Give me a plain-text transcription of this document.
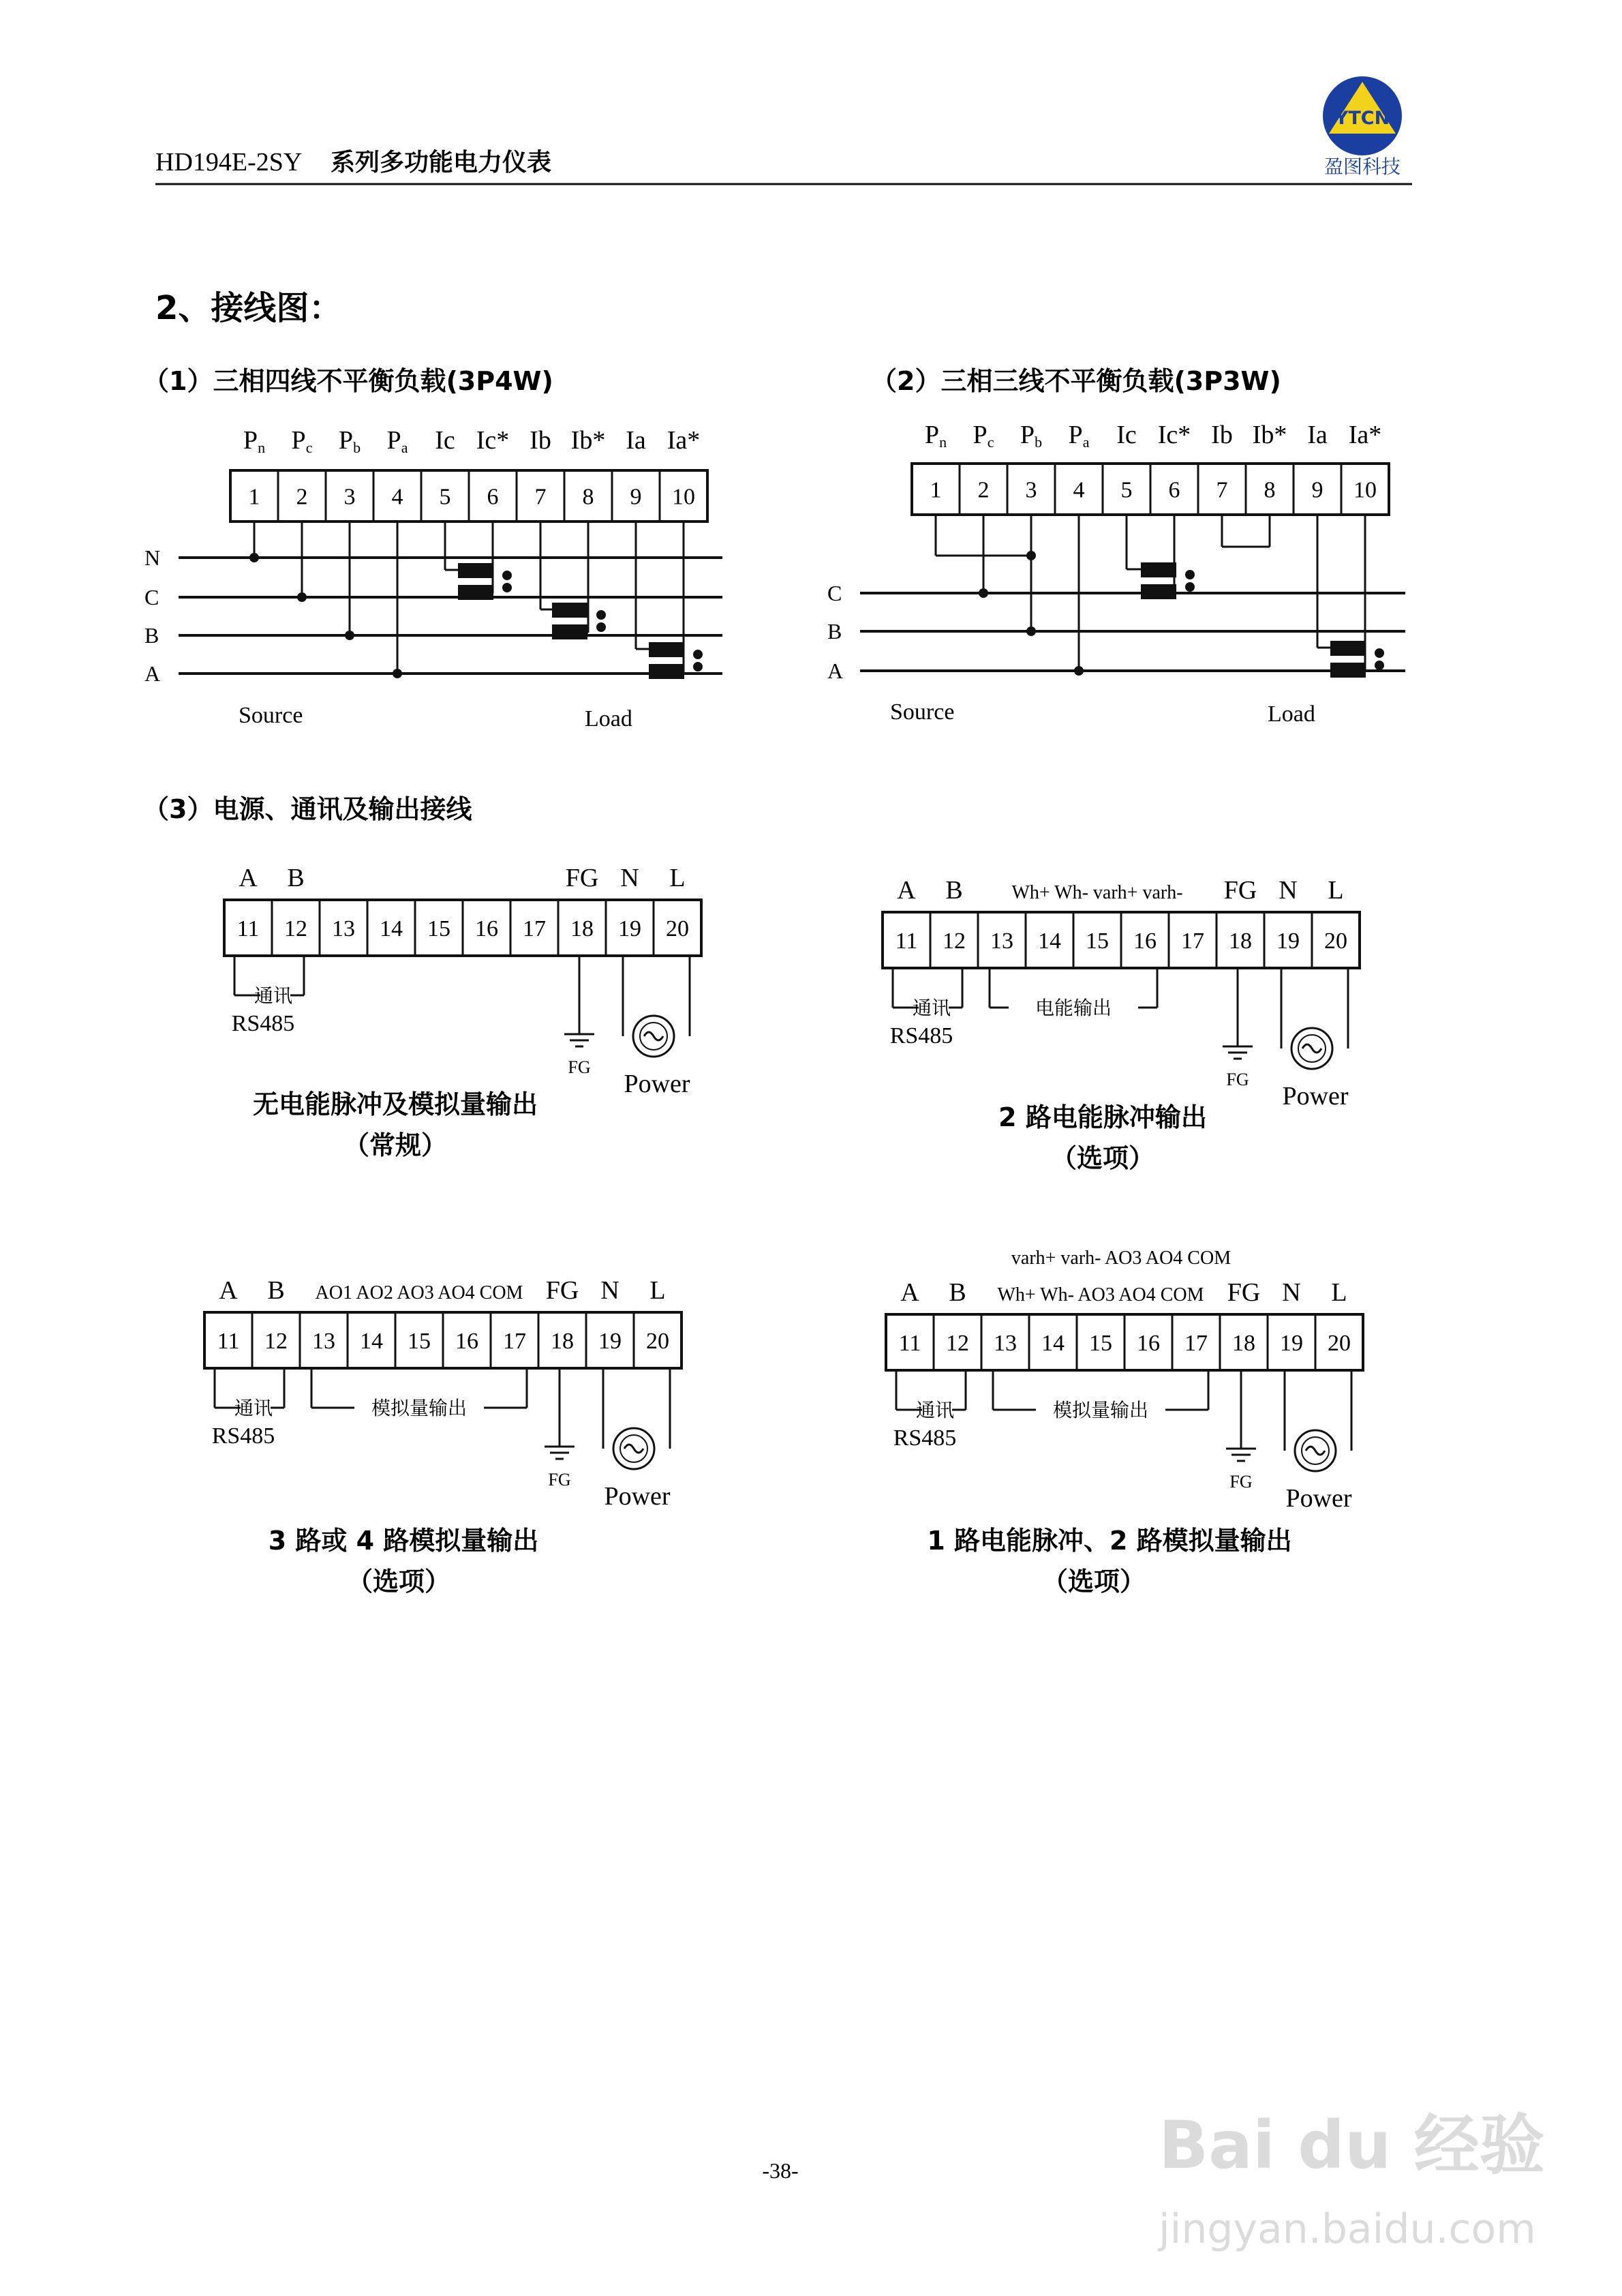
HD194E-2SY 系列多功能电力仪表
YTCN
盈图科技
2、接线图：
（1）三相四线不平衡负载(3P4W)
Pn Pc Pb Pa Ic Ic* Ib Ib* Ia Ia*
1 2 3 4 5 6 7 8 9 10
N
C
B
A
Source	Load
（2）三相三线不平衡负载(3P3W)
Pn Pc Pb Pa Ic Ic* Ib Ib* Ia Ia*
1 2 3 4 5 6 7 8 9 10
C
B
A
Source	Load
（3）电源、通讯及输出接线
11 12 13 14 15 16 17 18 19 20
A B	FG N L
通讯
RS485
FG
Power
无电能脉冲及模拟量输出
（常规）
11 12 13 14 15 16 17 18 19 20
A B	FG N L
Wh+ Wh- varh+ varh-
通讯
RS485
电能输出
FG
Power
2 路电能脉冲输出
（选项）
11 12 13 14 15 16 17 18 19 20
A B	FG N L
AO1 AO2 AO3 AO4 COM
通讯
RS485
模拟量输出
FG
Power
3 路或 4 路模拟量输出
（选项）
11 12 13 14 15 16 17 18 19 20
A B	FG N L
Wh+ Wh- AO3 AO4 COM
varh+ varh- AO3 AO4 COM
通讯
RS485
模拟量输出
FG
Power
1 路电能脉冲、2 路模拟量输出
（选项）
-38-	Bai du 经验
jingyan.baidu.com
